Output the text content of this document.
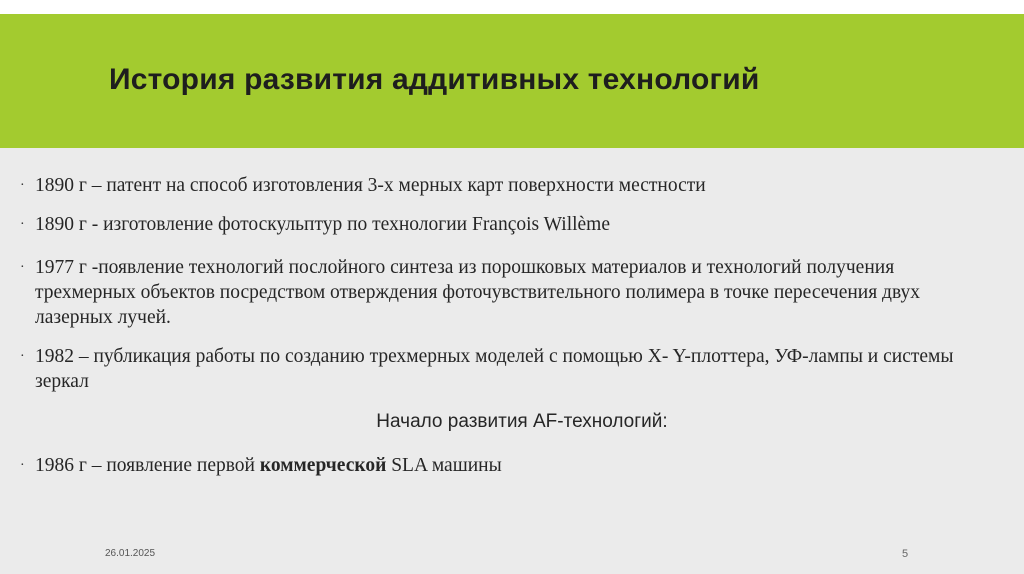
История развития аддитивных технологий
· 1890 г – патент на способ изготовления 3-х мерных карт поверхности местности
· 1890 г - изготовление фотоскульптур по технологии François Willème
· 1977 г -появление технологий послойного синтеза из порошковых материалов и технологий получения трехмерных объектов посредством отверждения фоточувствительного полимера в точке пересечения двух лазерных лучей.
· 1982 – публикация работы по созданию трехмерных моделей с помощью X- Y-плоттера, УФ-лампы и системы зеркал
Начало развития AF-технологий:
· 1986 г – появление первой коммерческой SLA машины
26.01.2025	5
